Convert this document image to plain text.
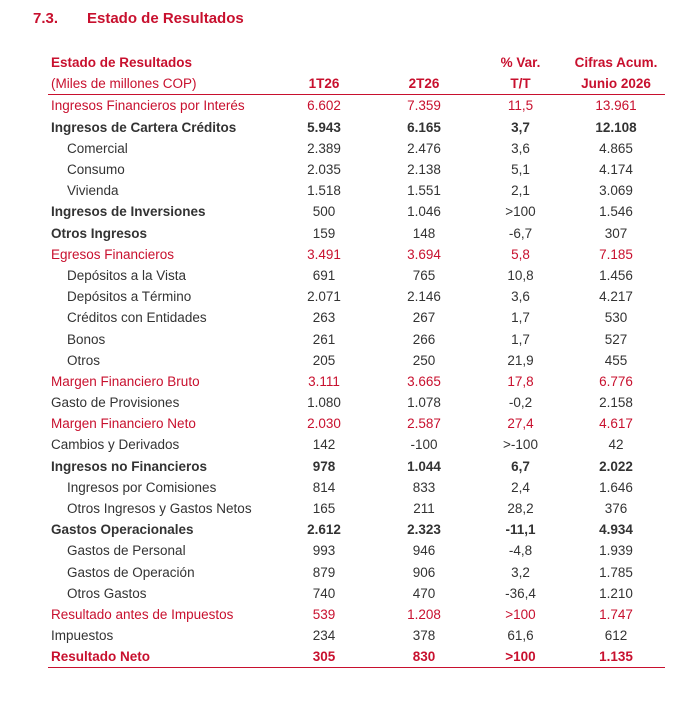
7.3.	Estado de Resultados
Estado de Resultados			% Var.	Cifras Acum.
(Miles de millones COP)	1T26	2T26	T/T	Junio 2026
Ingresos Financieros por Interés	6.602	7.359	11,5	13.961
Ingresos de Cartera Créditos	5.943	6.165	3,7	12.108
Comercial	2.389	2.476	3,6	4.865
Consumo	2.035	2.138	5,1	4.174
Vivienda	1.518	1.551	2,1	3.069
Ingresos de Inversiones	500	1.046	>100	1.546
Otros Ingresos	159	148	-6,7	307
Egresos Financieros	3.491	3.694	5,8	7.185
Depósitos a la Vista	691	765	10,8	1.456
Depósitos a Término	2.071	2.146	3,6	4.217
Créditos con Entidades	263	267	1,7	530
Bonos	261	266	1,7	527
Otros	205	250	21,9	455
Margen Financiero Bruto	3.111	3.665	17,8	6.776
Gasto de Provisiones	1.080	1.078	-0,2	2.158
Margen Financiero Neto	2.030	2.587	27,4	4.617
Cambios y Derivados	142	-100	>-100	42
Ingresos no Financieros	978	1.044	6,7	2.022
Ingresos por Comisiones	814	833	2,4	1.646
Otros Ingresos y Gastos Netos	165	211	28,2	376
Gastos Operacionales	2.612	2.323	-11,1	4.934
Gastos de Personal	993	946	-4,8	1.939
Gastos de Operación	879	906	3,2	1.785
Otros Gastos	740	470	-36,4	1.210
Resultado antes de Impuestos	539	1.208	>100	1.747
Impuestos	234	378	61,6	612
Resultado Neto	305	830	>100	1.135
